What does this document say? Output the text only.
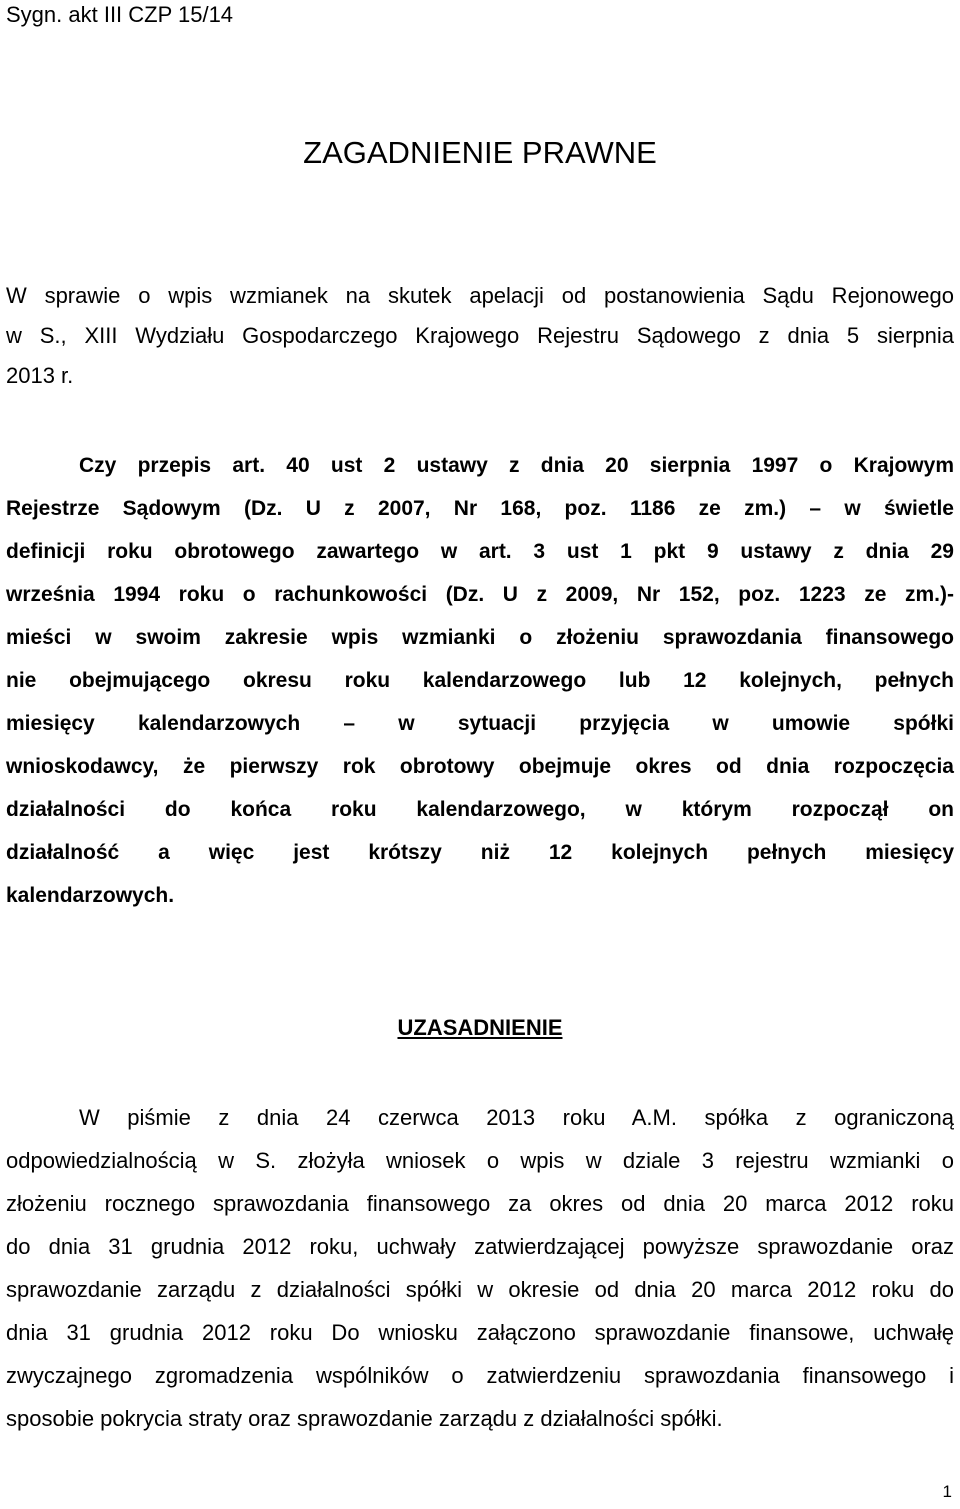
Sygn. akt III CZP 15/14
ZAGADNIENIE PRAWNE

W sprawie o wpis wzmianek na skutek apelacji od postanowienia Sądu Rejonowego

w S., XIII Wydziału Gospodarczego Krajowego Rejestru Sądowego z dnia 5 sierpnia

2013 r.

Czy przepis art. 40 ust 2 ustawy z dnia 20 sierpnia 1997 o Krajowym
Rejestrze Sądowym (Dz. U z 2007, Nr 168, poz. 1186 ze zm.) – w świetle
definicji roku obrotowego zawartego w art. 3 ust 1 pkt 9 ustawy z dnia 29
września 1994 roku o rachunkowości (Dz. U z 2009, Nr 152, poz. 1223 ze zm.)-
mieści w swoim zakresie wpis wzmianki o złożeniu sprawozdania finansowego
nie obejmującego okresu roku kalendarzowego lub 12 kolejnych, pełnych
miesięcy kalendarzowych – w sytuacji przyjęcia w umowie spółki
wnioskodawcy, że pierwszy rok obrotowy obejmuje okres od dnia rozpoczęcia
działalności do końca roku kalendarzowego, w którym rozpoczął on
działalność a więc jest krótszy niż 12 kolejnych pełnych miesięcy
kalendarzowych.
UZASADNIENIE
W piśmie z dnia 24 czerwca 2013 roku A.M. spółka z ograniczoną
odpowiedzialnością w S. złożyła wniosek o wpis w dziale 3 rejestru wzmianki o
złożeniu rocznego sprawozdania finansowego za okres od dnia 20 marca 2012 roku
do dnia 31 grudnia 2012 roku, uchwały zatwierdzającej powyższe sprawozdanie oraz
sprawozdanie zarządu z działalności spółki w okresie od dnia 20 marca 2012 roku do
dnia 31 grudnia 2012 roku Do wniosku załączono sprawozdanie finansowe, uchwałę
zwyczajnego zgromadzenia wspólników o zatwierdzeniu sprawozdania finansowego i
sposobie pokrycia straty oraz sprawozdanie zarządu z działalności spółki.
1
